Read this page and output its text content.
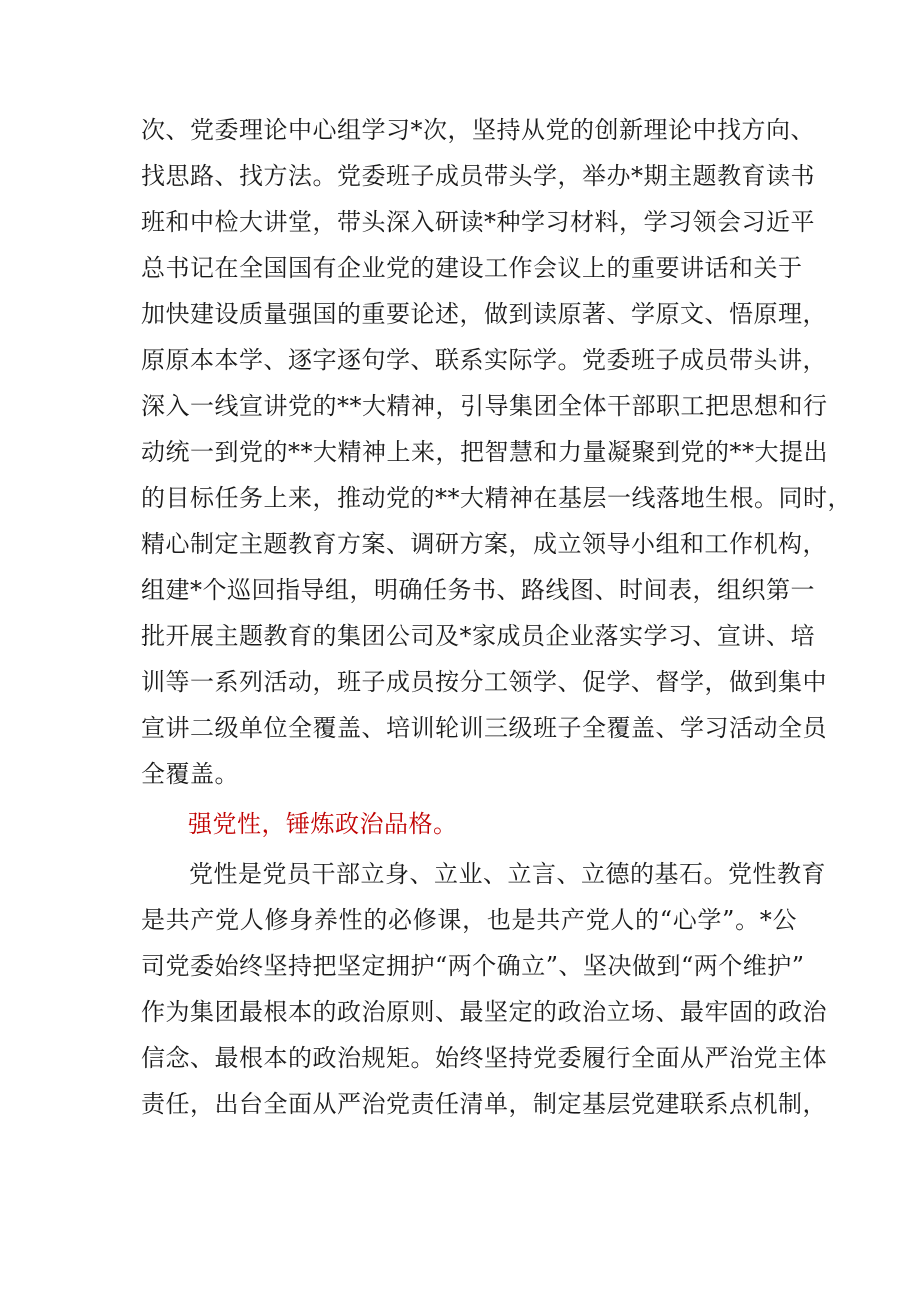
次、党委理论中心组学习*次，坚持从党的创新理论中找方向、
找思路、找方法。党委班子成员带头学，举办*期主题教育读书
班和中检大讲堂，带头深入研读*种学习材料，学习领会习近平
总书记在全国国有企业党的建设工作会议上的重要讲话和关于
加快建设质量强国的重要论述，做到读原著、学原文、悟原理，
原原本本学、逐字逐句学、联系实际学。党委班子成员带头讲，
深入一线宣讲党的**大精神，引导集团全体干部职工把思想和行
动统一到党的**大精神上来，把智慧和力量凝聚到党的**大提出
的目标任务上来，推动党的**大精神在基层一线落地生根。同时，
精心制定主题教育方案、调研方案，成立领导小组和工作机构，
组建*个巡回指导组，明确任务书、路线图、时间表，组织第一
批开展主题教育的集团公司及*家成员企业落实学习、宣讲、培
训等一系列活动，班子成员按分工领学、促学、督学，做到集中
宣讲二级单位全覆盖、培训轮训三级班子全覆盖、学习活动全员
全覆盖。
强党性，锤炼政治品格。
党性是党员干部立身、立业、立言、立德的基石。党性教育
是共产党人修身养性的必修课，也是共产党人的“心学”。*公
司党委始终坚持把坚定拥护“两个确立”、坚决做到“两个维护”
作为集团最根本的政治原则、最坚定的政治立场、最牢固的政治
信念、最根本的政治规矩。始终坚持党委履行全面从严治党主体
责任，出台全面从严治党责任清单，制定基层党建联系点机制，
